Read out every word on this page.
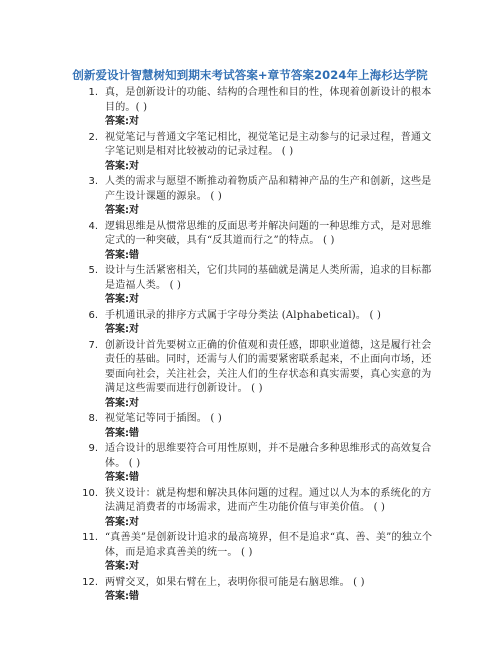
创新爱设计智慧树知到期末考试答案+章节答案2024年上海杉达学院
1. 真，是创新设计的功能、结构的合理性和目的性，体现着创新设计的根本目的。( )
答案:对
2. 视觉笔记与普通文字笔记相比，视觉笔记是主动参与的记录过程，普通文字笔记则是相对比较被动的记录过程。 ( )
答案:对
3. 人类的需求与愿望不断推动着物质产品和精神产品的生产和创新，这些是产生设计课题的源泉。 ( )
答案:对
4. 逻辑思维是从惯常思维的反面思考并解决问题的一种思维方式，是对思维定式的一种突破，具有“反其道而行之”的特点。 ( )
答案:错
5. 设计与生活紧密相关，它们共同的基础就是满足人类所需，追求的目标都是造福人类。 ( )
答案:对
6. 手机通讯录的排序方式属于字母分类法 (Alphabetical)。 ( )
答案:对
7. 创新设计首先要树立正确的价值观和责任感，即职业道德，这是履行社会责任的基础。同时，还需与人们的需要紧密联系起来，不止面向市场，还要面向社会，关注社会，关注人们的生存状态和真实需要，真心实意的为满足这些需要而进行创新设计。 ( )
答案:对
8. 视觉笔记等同于插图。 ( )
答案:错
9. 适合设计的思维要符合可用性原则，并不是融合多种思维形式的高效复合体。 ( )
答案:错
10. 狭义设计：就是构想和解决具体问题的过程。通过以人为本的系统化的方法满足消费者的市场需求，进而产生功能价值与审美价值。 ( )
答案:对
11. “真善美”是创新设计追求的最高境界，但不是追求“真、善、美”的独立个体，而是追求真善美的统一。 ( )
答案:对
12. 两臂交叉，如果右臂在上，表明你很可能是右脑思维。 ( )
答案:错
